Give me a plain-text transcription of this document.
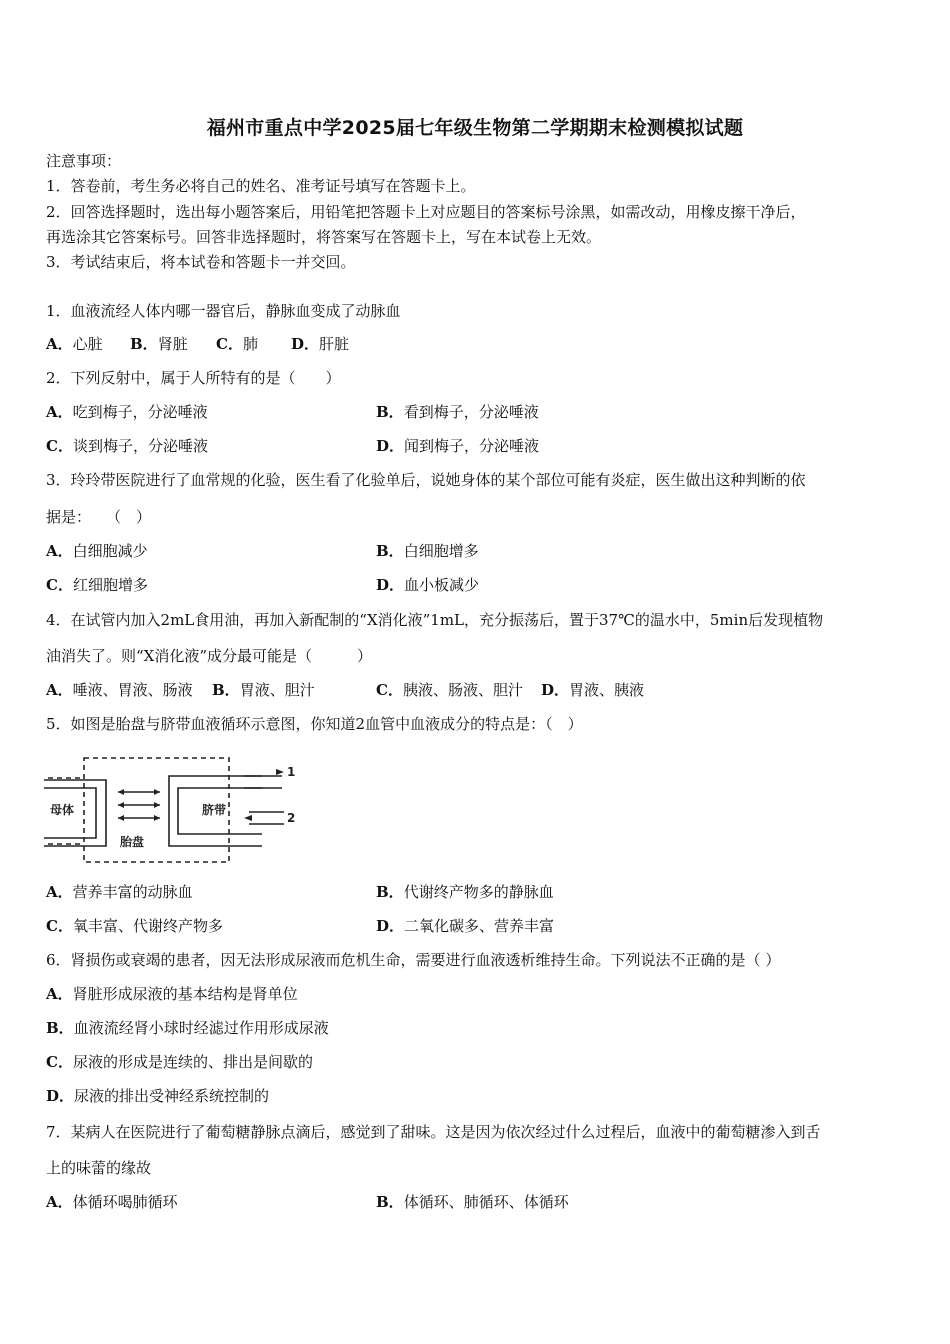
福州市重点中学2025届七年级生物第二学期期末检测模拟试题
注意事项：
1．答卷前，考生务必将自己的姓名、准考证号填写在答题卡上。
2．回答选择题时，选出每小题答案后，用铅笔把答题卡上对应题目的答案标号涂黑，如需改动，用橡皮擦干净后，
再选涂其它答案标号。回答非选择题时，将答案写在答题卡上，写在本试卷上无效。
3．考试结束后，将本试卷和答题卡一并交回。
1．血液流经人体内哪一器官后，静脉血变成了动脉血
A．心脏 B．肾脏 C．肺 D．肝脏
2．下列反射中，属于人所特有的是（　　）
A．吃到梅子，分泌唾液	B．看到梅子，分泌唾液
C．谈到梅子，分泌唾液	D．闻到梅子，分泌唾液
3．玲玲带医院进行了血常规的化验，医生看了化验单后，说她身体的某个部位可能有炎症，医生做出这种判断的依
据是：　　（　）
A．白细胞减少	B．白细胞增多
C．红细胞增多	D．血小板减少
4．在试管内加入2mL食用油，再加入新配制的“X消化液”1mL，充分振荡后，置于37℃的温水中，5min后发现植物
油消失了。则“X消化液”成分最可能是（　　　）
A．唾液、胃液、肠液 B．胃液、胆汁	C．胰液、肠液、胆汁 D．胃液、胰液
5．如图是胎盘与脐带血液循环示意图，你知道2血管中血液成分的特点是：（　）
母体
胎盘
脐带
1
2
A．营养丰富的动脉血	B．代谢终产物多的静脉血
C．氧丰富、代谢终产物多	D．二氧化碳多、营养丰富
6．肾损伤或衰竭的患者，因无法形成尿液而危机生命，需要进行血液透析维持生命。下列说法不正确的是（ ）
A．肾脏形成尿液的基本结构是肾单位
B．血液流经肾小球时经滤过作用形成尿液
C．尿液的形成是连续的、排出是间歇的
D．尿液的排出受神经系统控制的
7．某病人在医院进行了葡萄糖静脉点滴后，感觉到了甜味。这是因为依次经过什么过程后，血液中的葡萄糖渗入到舌
上的味蕾的缘故
A．体循环喝肺循环	B．体循环、肺循环、体循环
